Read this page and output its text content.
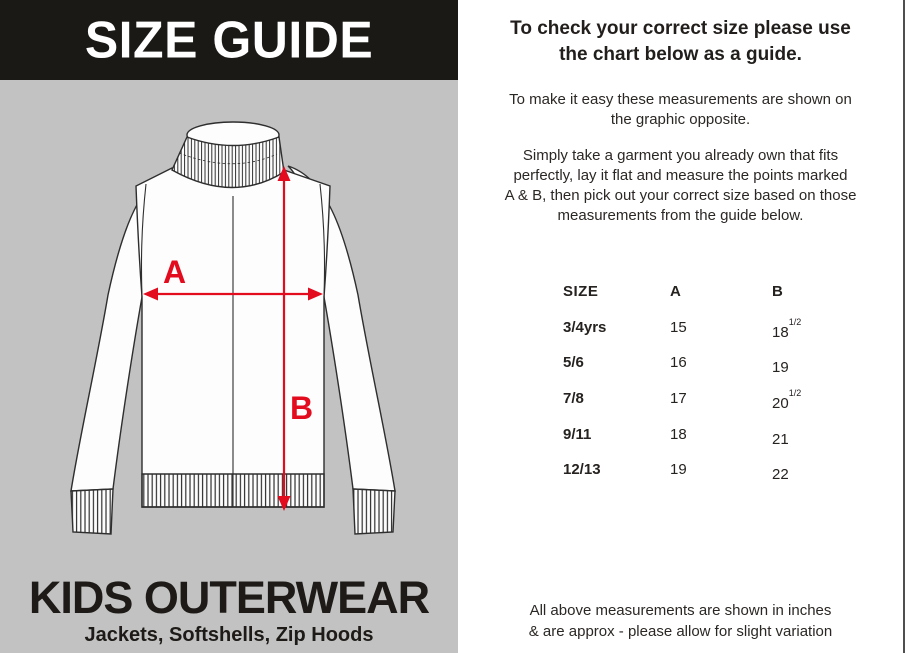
SIZE GUIDE
A
B
KIDS OUTERWEAR
Jackets, Softshells, Zip Hoods
To check your correct size please use
the chart below as a guide.
To make it easy these measurements are shown on
the graphic opposite.
Simply take a garment you already own that fits
perfectly, lay it flat and measure the points marked
A & B, then pick out your correct size based on those
measurements from the guide below.
SIZE	A	B
3/4yrs	15	$18^{1/2}$
5/6	16	19
7/8	17	$20^{1/2}$
9/11	18	21
12/13	19	22
All above measurements are shown in inches
& are approx - please allow for slight variation
